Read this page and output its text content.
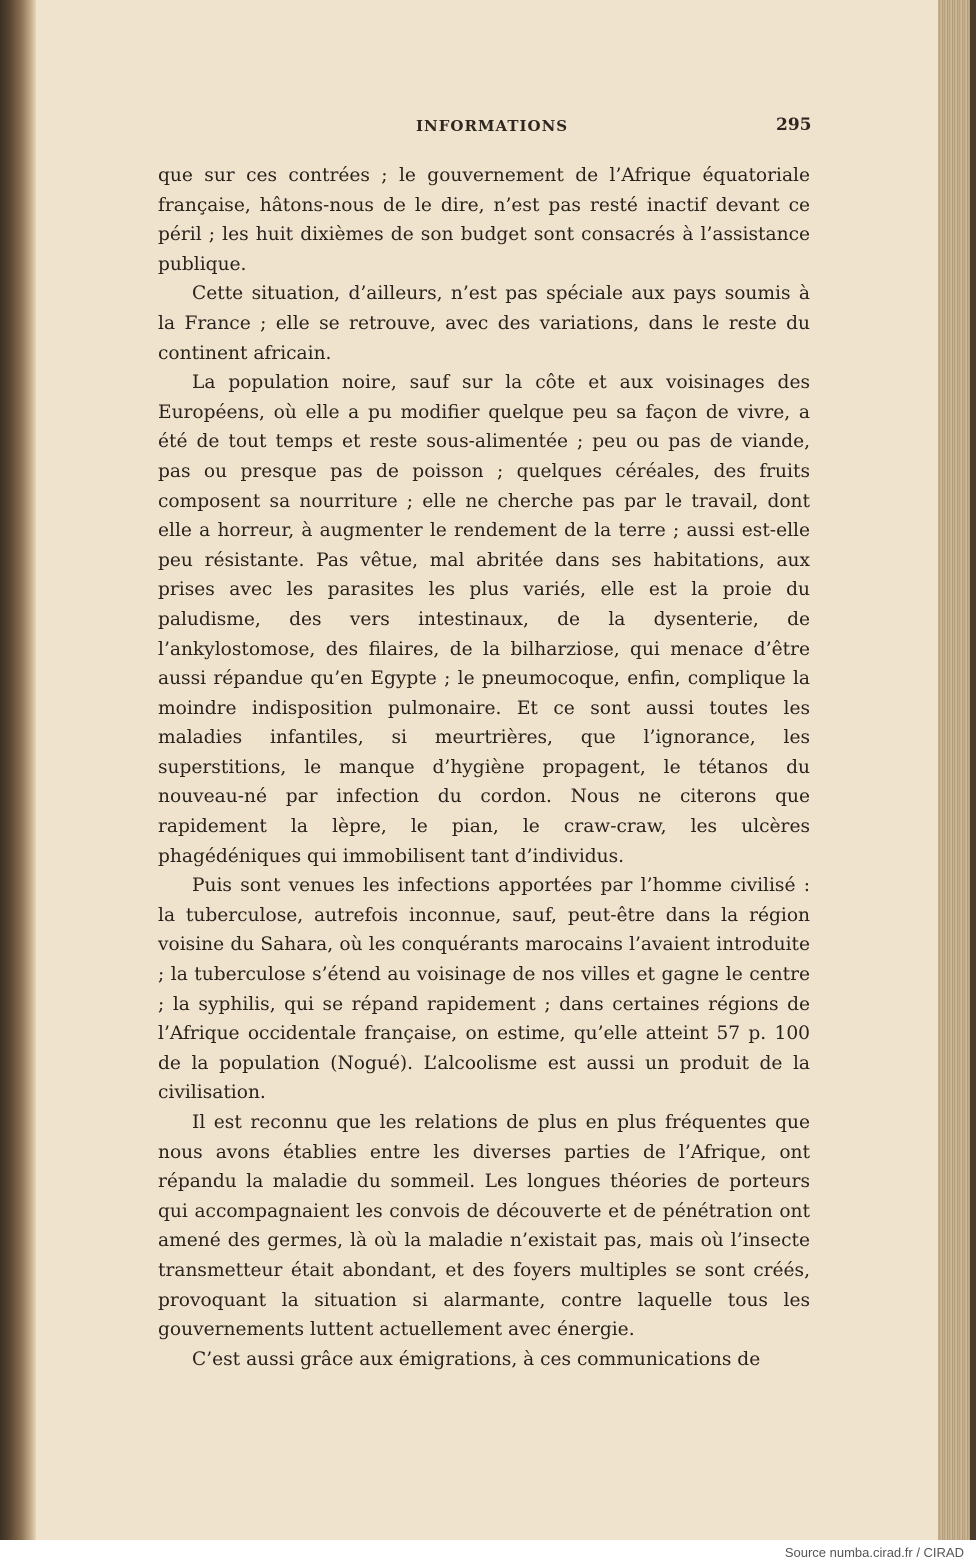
INFORMATIONS	295

que sur ces contrées ; le gouvernement de l’Afrique équatoriale française, hâtons-nous de le dire, n’est pas resté inactif devant ce péril ; les huit dixièmes de son budget sont consacrés à l’assistance publique.

Cette situation, d’ailleurs, n’est pas spéciale aux pays soumis à la France ; elle se retrouve, avec des variations, dans le reste du continent africain.

La population noire, sauf sur la côte et aux voisinages des Européens, où elle a pu modifier quelque peu sa façon de vivre, a été de tout temps et reste sous-alimentée ; peu ou pas de viande, pas ou presque pas de poisson ; quelques céréales, des fruits composent sa nourriture ; elle ne cherche pas par le travail, dont elle a horreur, à augmenter le rendement de la terre ; aussi est-elle peu résistante. Pas vêtue, mal abritée dans ses habitations, aux prises avec les parasites les plus variés, elle est la proie du paludisme, des vers intestinaux, de la dysenterie, de l’ankylostomose, des filaires, de la bilharziose, qui menace d’être aussi répandue qu’en Egypte ; le pneumocoque, enfin, complique la moindre indisposition pulmonaire. Et ce sont aussi toutes les maladies infantiles, si meurtrières, que l’ignorance, les superstitions, le manque d’hygiène propagent, le tétanos du nouveau-né par infection du cordon. Nous ne citerons que rapidement la lèpre, le pian, le craw-craw, les ulcères phagédéniques qui immobilisent tant d’individus.

Puis sont venues les infections apportées par l’homme civilisé : la tuberculose, autrefois inconnue, sauf, peut-être dans la région voisine du Sahara, où les conquérants marocains l’avaient introduite ; la tuberculose s’étend au voisinage de nos villes et gagne le centre ; la syphilis, qui se répand rapidement ; dans certaines régions de l’Afrique occidentale française, on estime, qu’elle atteint 57 p. 100 de la population (Nogué). L’alcoolisme est aussi un produit de la civilisation.

Il est reconnu que les relations de plus en plus fréquentes que nous avons établies entre les diverses parties de l’Afrique, ont répandu la maladie du sommeil. Les longues théories de porteurs qui accompagnaient les convois de découverte et de pénétration ont amené des germes, là où la maladie n’existait pas, mais où l’insecte transmetteur était abondant, et des foyers multiples se sont créés, provoquant la situation si alarmante, contre laquelle tous les gouvernements luttent actuellement avec énergie.

C’est aussi grâce aux émigrations, à ces communications de

Source numba.cirad.fr / CIRAD
